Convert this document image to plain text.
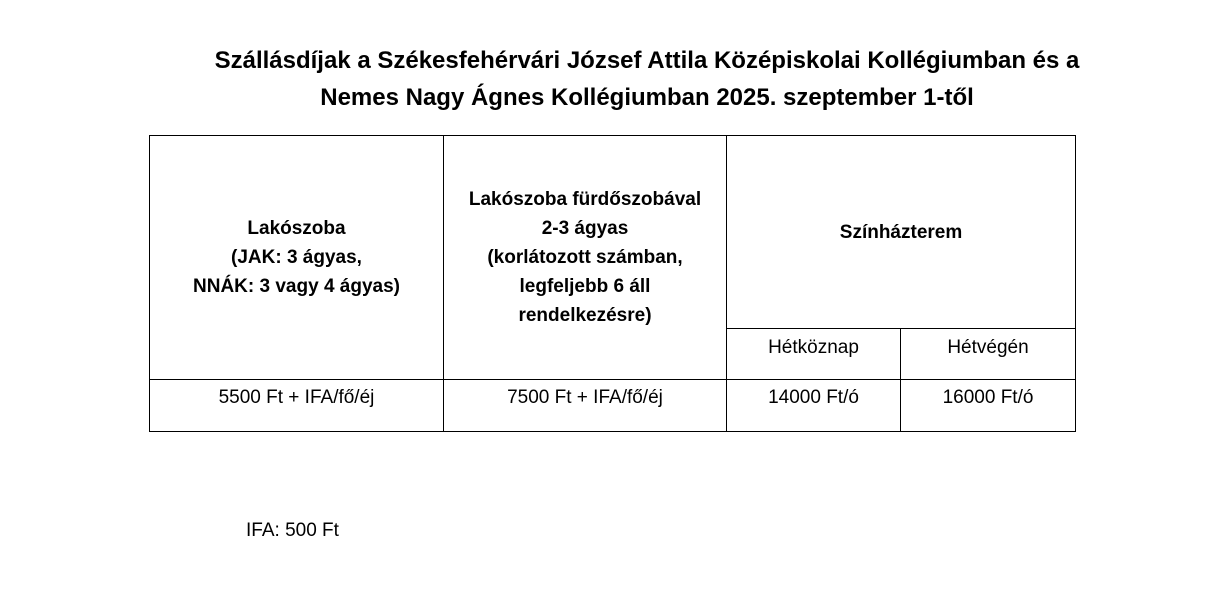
Szállásdíjak a Székesfehérvári József Attila Középiskolai Kollégiumban és a
Nemes Nagy Ágnes Kollégiumban 2025. szeptember 1-től
Lakószoba
(JAK: 3 ágyas,
NNÁK: 3 vagy 4 ágyas)	Lakószoba fürdőszobával
2-3 ágyas
(korlátozott számban,
legfeljebb 6 áll
rendelkezésre)	Színházterem	
		Hétköznap	Hétvégén
5500 Ft + IFA/fő/éj	7500 Ft + IFA/fő/éj	14000 Ft/ó	16000 Ft/ó
IFA: 500 Ft
